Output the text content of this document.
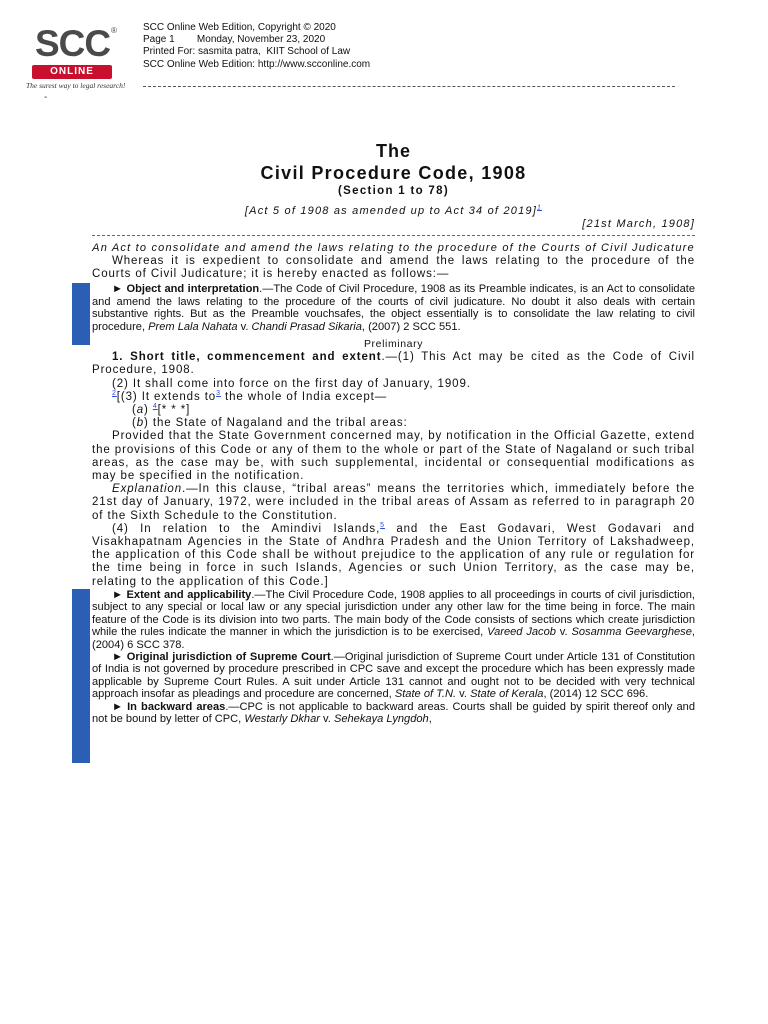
SCC ®
ONLINE
The surest way to legal research!
-
SCC Online Web Edition, Copyright © 2020
Page 1        Monday, November 23, 2020
Printed For: sasmita patra,  KIIT School of Law
SCC Online Web Edition: http://www.scconline.com
The
Civil Procedure Code, 1908
(Section 1 to 78)
[Act 5 of 1908 as amended up to Act 34 of 2019]$^1$
[21st March, 1908]
An Act to consolidate and amend the laws relating to the procedure of the Courts of Civil Judicature

Whereas it is expedient to consolidate and amend the laws relating to the procedure of the Courts of Civil Judicature; it is hereby enacted as follows:—

► Object and interpretation.—The Code of Civil Procedure, 1908 as its Preamble indicates, is an Act to consolidate and amend the laws relating to the procedure of the courts of civil judicature. No doubt it also deals with certain substantive rights. But as the Preamble vouchsafes, the object essentially is to consolidate the law relating to civil procedure, Prem Lala Nahata v. Chandi Prasad Sikaria, (2007) 2 SCC 551.

Preliminary

1. Short title, commencement and extent.—(1) This Act may be cited as the Code of Civil Procedure, 1908.

(2) It shall come into force on the first day of January, 1909.

$^2$[(3) It extends $to^3$ the whole of India except—

(a) $^4$[* * *]

(b) the State of Nagaland and the tribal areas:

Provided that the State Government concerned may, by notification in the Official Gazette, extend the provisions of this Code or any of them to the whole or part of the State of Nagaland or such tribal areas, as the case may be, with such supplemental, incidental or consequential modifications as may be specified in the notification.

Explanation.—In this clause, “tribal areas” means the territories which, immediately before the 21st day of January, 1972, were included in the tribal areas of Assam as referred to in paragraph 20 of the Sixth Schedule to the Constitution.

(4) In relation to the Amindivi Islands,$^5$ and the East Godavari, West Godavari and Visakhapatnam Agencies in the State of Andhra Pradesh and the Union Territory of Lakshadweep, the application of this Code shall be without prejudice to the application of any rule or regulation for the time being in force in such Islands, Agencies or such Union Territory, as the case may be, relating to the application of this Code.]

► Extent and applicability.—The Civil Procedure Code, 1908 applies to all proceedings in courts of civil jurisdiction, subject to any special or local law or any special jurisdiction under any other law for the time being in force. The main feature of the Code is its division into two parts. The main body of the Code consists of sections which create jurisdiction while the rules indicate the manner in which the jurisdiction is to be exercised, Vareed Jacob v. Sosamma Geevarghese, (2004) 6 SCC 378.

► Original jurisdiction of Supreme Court.—Original jurisdiction of Supreme Court under Article 131 of Constitution of India is not governed by procedure prescribed in CPC save and except the procedure which has been expressly made applicable by Supreme Court Rules. A suit under Article 131 cannot and ought not to be decided with very technical approach insofar as pleadings and procedure are concerned, State of T.N. v. State of Kerala, (2014) 12 SCC 696.

► In backward areas.—CPC is not applicable to backward areas. Courts shall be guided by spirit thereof only and not be bound by letter of CPC, Westarly Dkhar v. Sehekaya Lyngdoh,
